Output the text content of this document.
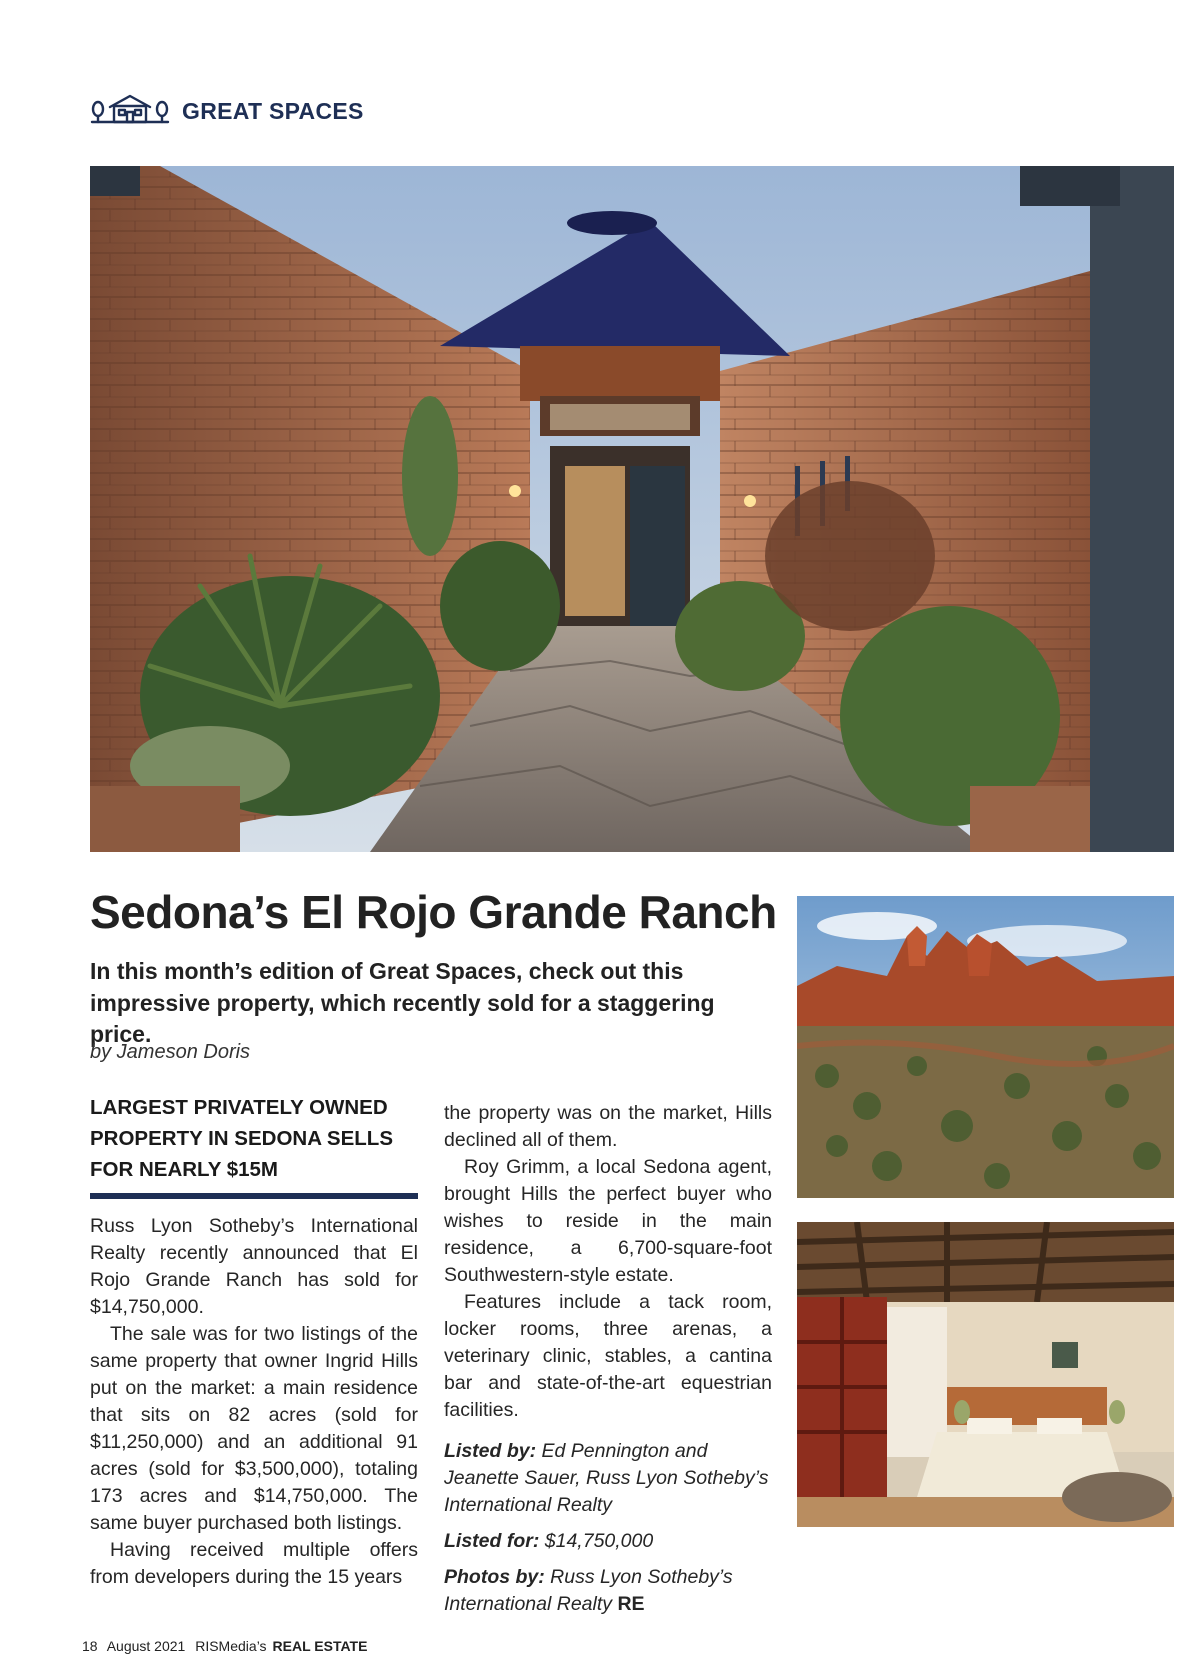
GREAT SPACES
Sedona’s El Rojo Grande Ranch
In this month’s edition of Great Spaces, check out this impressive property, which recently sold for a staggering price.
by Jameson Doris
LARGEST PRIVATELY OWNED PROPERTY IN SEDONA SELLS FOR NEARLY $15M

Russ Lyon Sotheby’s International Realty recently announced that El Rojo Grande Ranch has sold for $14,750,000.

The sale was for two listings of the same property that owner Ingrid Hills put on the market: a main residence that sits on 82 acres (sold for $11,250,000) and an additional 91 acres (sold for $3,500,000), totaling 173 acres and $14,750,000. The same buyer purchased both listings.

Having received multiple offers from developers during the 15 years

the property was on the market, Hills declined all of them.

Roy Grimm, a local Sedona agent, brought Hills the perfect buyer who wishes to reside in the main residence, a 6,700-square-foot Southwestern-style estate.

Features include a tack room, locker rooms, three arenas, a veterinary clinic, stables, a cantina bar and state-of-the-art equestrian facilities.

Listed by: Ed Pennington and Jeanette Sauer, Russ Lyon Sotheby’s International Realty

Listed for: $14,750,000

Photos by: Russ Lyon Sotheby’s International Realty RE

18 August 2021 RISMedia’s REAL ESTATE
